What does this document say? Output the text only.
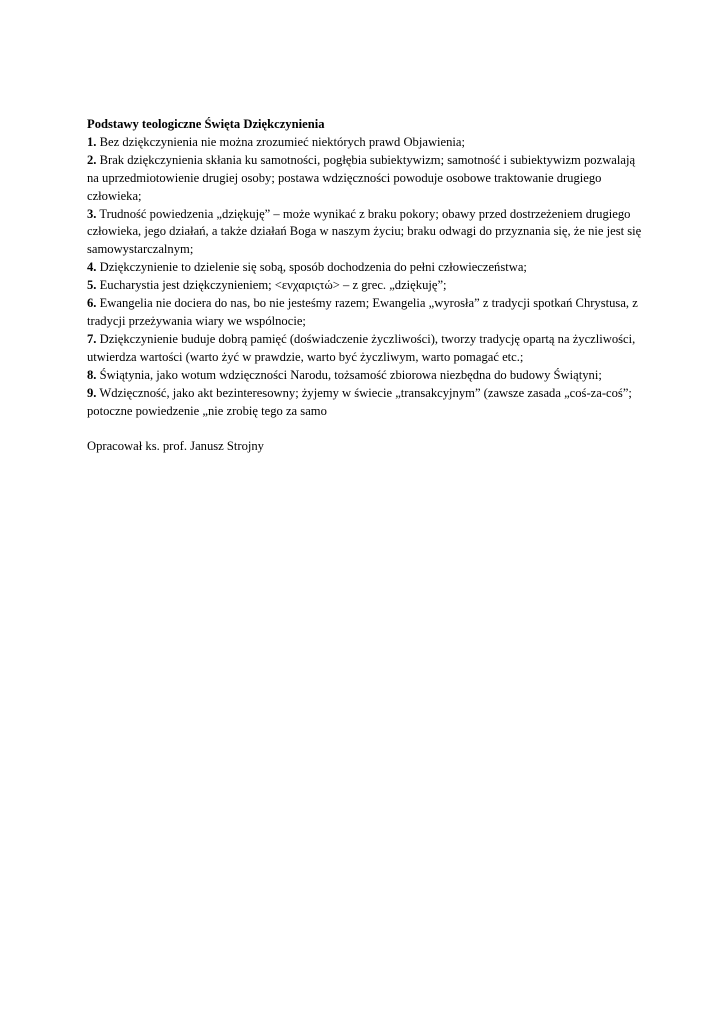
Podstawy teologiczne Święta Dziękczynienia

1. Bez dziękczynienia nie można zrozumieć niektórych prawd Objawienia;

2. Brak dziękczynienia skłania ku samotności, pogłębia subiektywizm; samotność i subiektywizm pozwalają na uprzedmiotowienie drugiej osoby; postawa wdzięczności powoduje osobowe traktowanie drugiego człowieka;

3. Trudność powiedzenia „dziękuję” – może wynikać z braku pokory; obawy przed dostrzeżeniem drugiego człowieka, jego działań, a także działań Boga w naszym życiu; braku odwagi do przyznania się, że nie jest się samowystarczalnym;

4. Dziękczynienie to dzielenie się sobą, sposób dochodzenia do pełni człowieczeństwa;

5. Eucharystia jest dziękczynieniem; <ενχαριςτώ> – z grec. „dziękuję”;

6. Ewangelia nie dociera do nas, bo nie jesteśmy razem; Ewangelia „wyrosła” z tradycji spotkań Chrystusa, z tradycji przeżywania wiary we wspólnocie;

7. Dziękczynienie buduje dobrą pamięć (doświadczenie życzliwości), tworzy tradycję opartą na życzliwości, utwierdza wartości (warto żyć w prawdzie, warto być życzliwym, warto pomagać etc.;

8. Świątynia, jako wotum wdzięczności Narodu, tożsamość zbiorowa niezbędna do budowy Świątyni;

9. Wdzięczność, jako akt bezinteresowny; żyjemy w świecie „transakcyjnym” (zawsze zasada „coś-za-coś”; potoczne powiedzenie „nie zrobię tego za samo

Opracował ks. prof. Janusz Strojny
